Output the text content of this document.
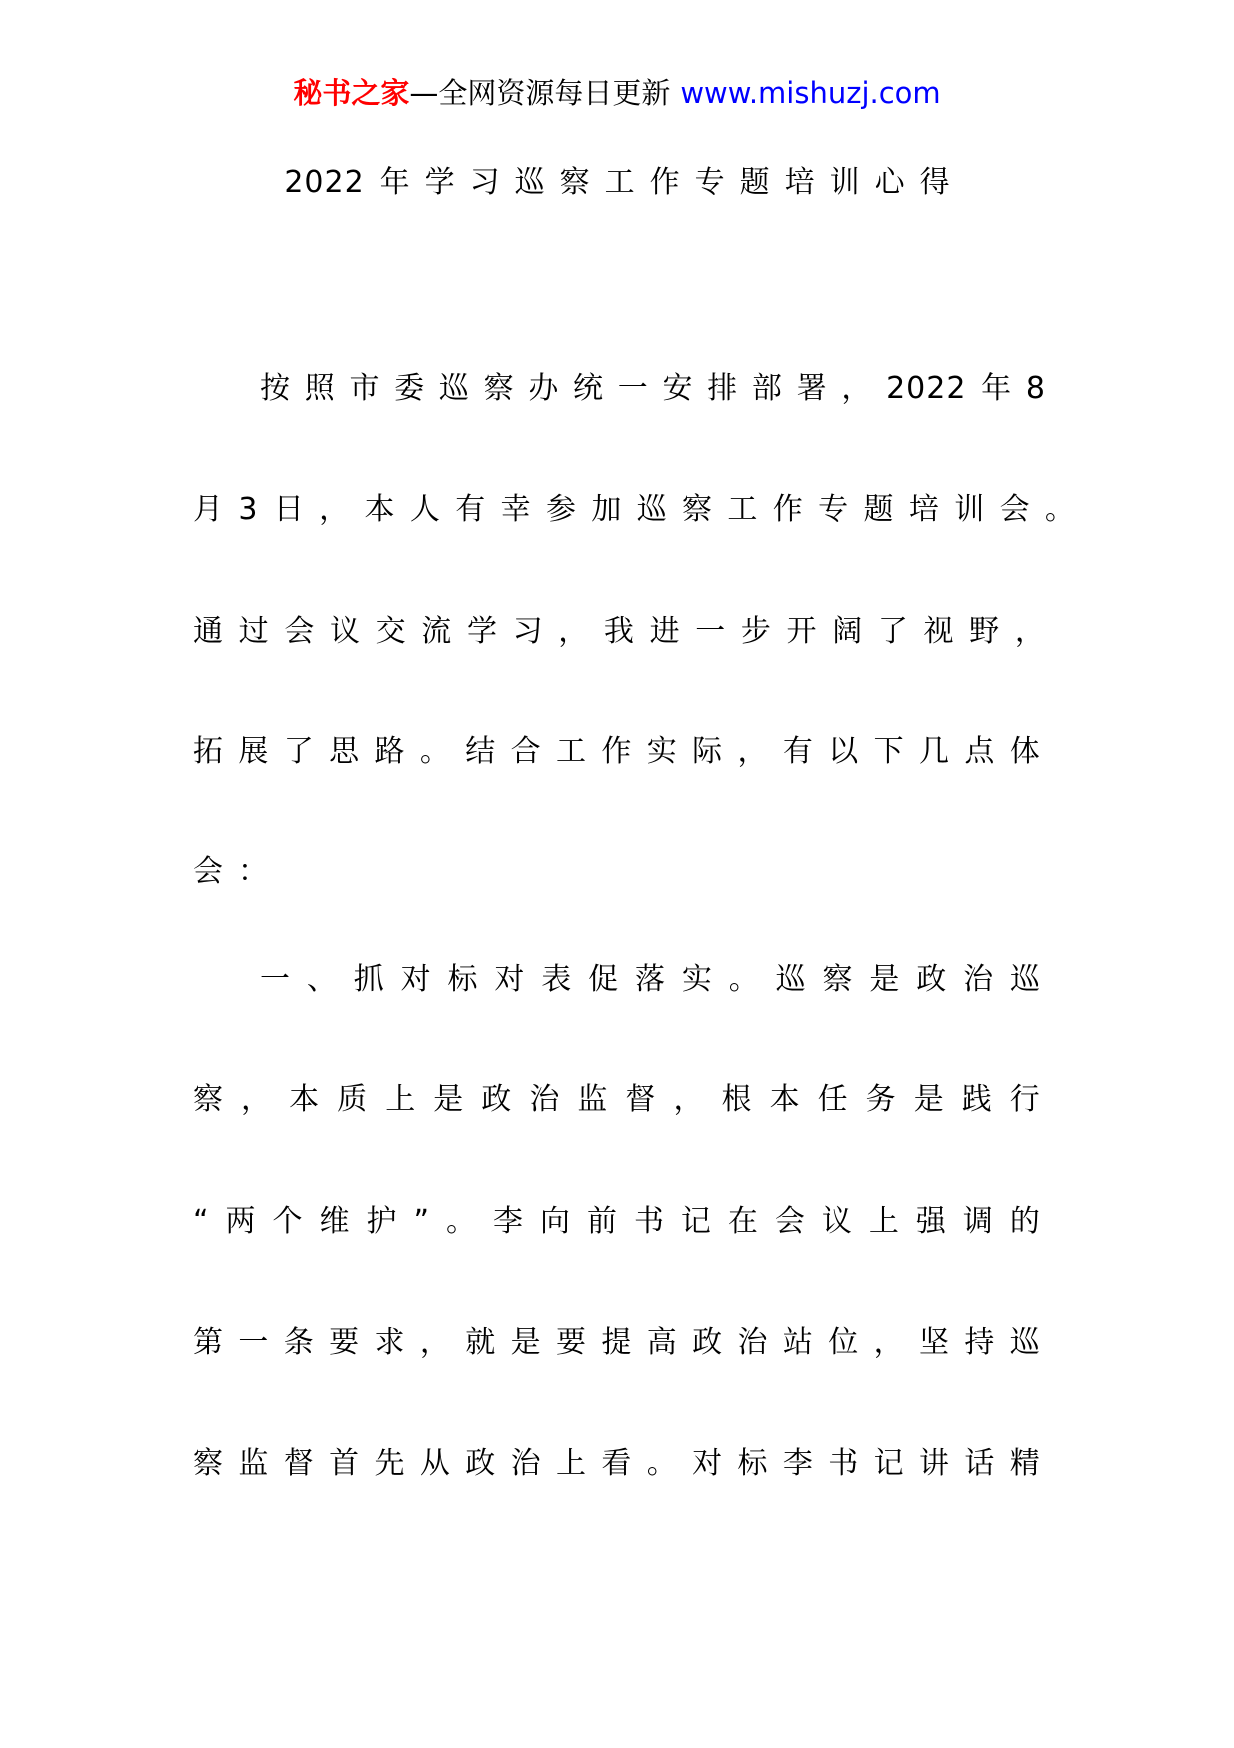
秘书之家—全网资源每日更新 www.mishuzj.com
2022 年 学 习 巡 察 工 作 专 题 培 训 心 得
按 照 市 委 巡 察 办 统 一 安 排 部 署 ， 2022 年 8
月 3 日 ， 本 人 有 幸 参 加 巡 察 工 作 专 题 培 训 会 。
通 过 会 议 交 流 学 习 ， 我 进 一 步 开 阔 了 视 野 ，
拓 展 了 思 路 。 结 合 工 作 实 际 ， 有 以 下 几 点 体
会 ：
一 、 抓 对 标 对 表 促 落 实 。 巡 察 是 政 治 巡
察 ， 本 质 上 是 政 治 监 督 ， 根 本 任 务 是 践 行
“ 两 个 维 护 ” 。 李 向 前 书 记 在 会 议 上 强 调 的
第 一 条 要 求 ， 就 是 要 提 高 政 治 站 位 ， 坚 持 巡
察 监 督 首 先 从 政 治 上 看 。 对 标 李 书 记 讲 话 精
